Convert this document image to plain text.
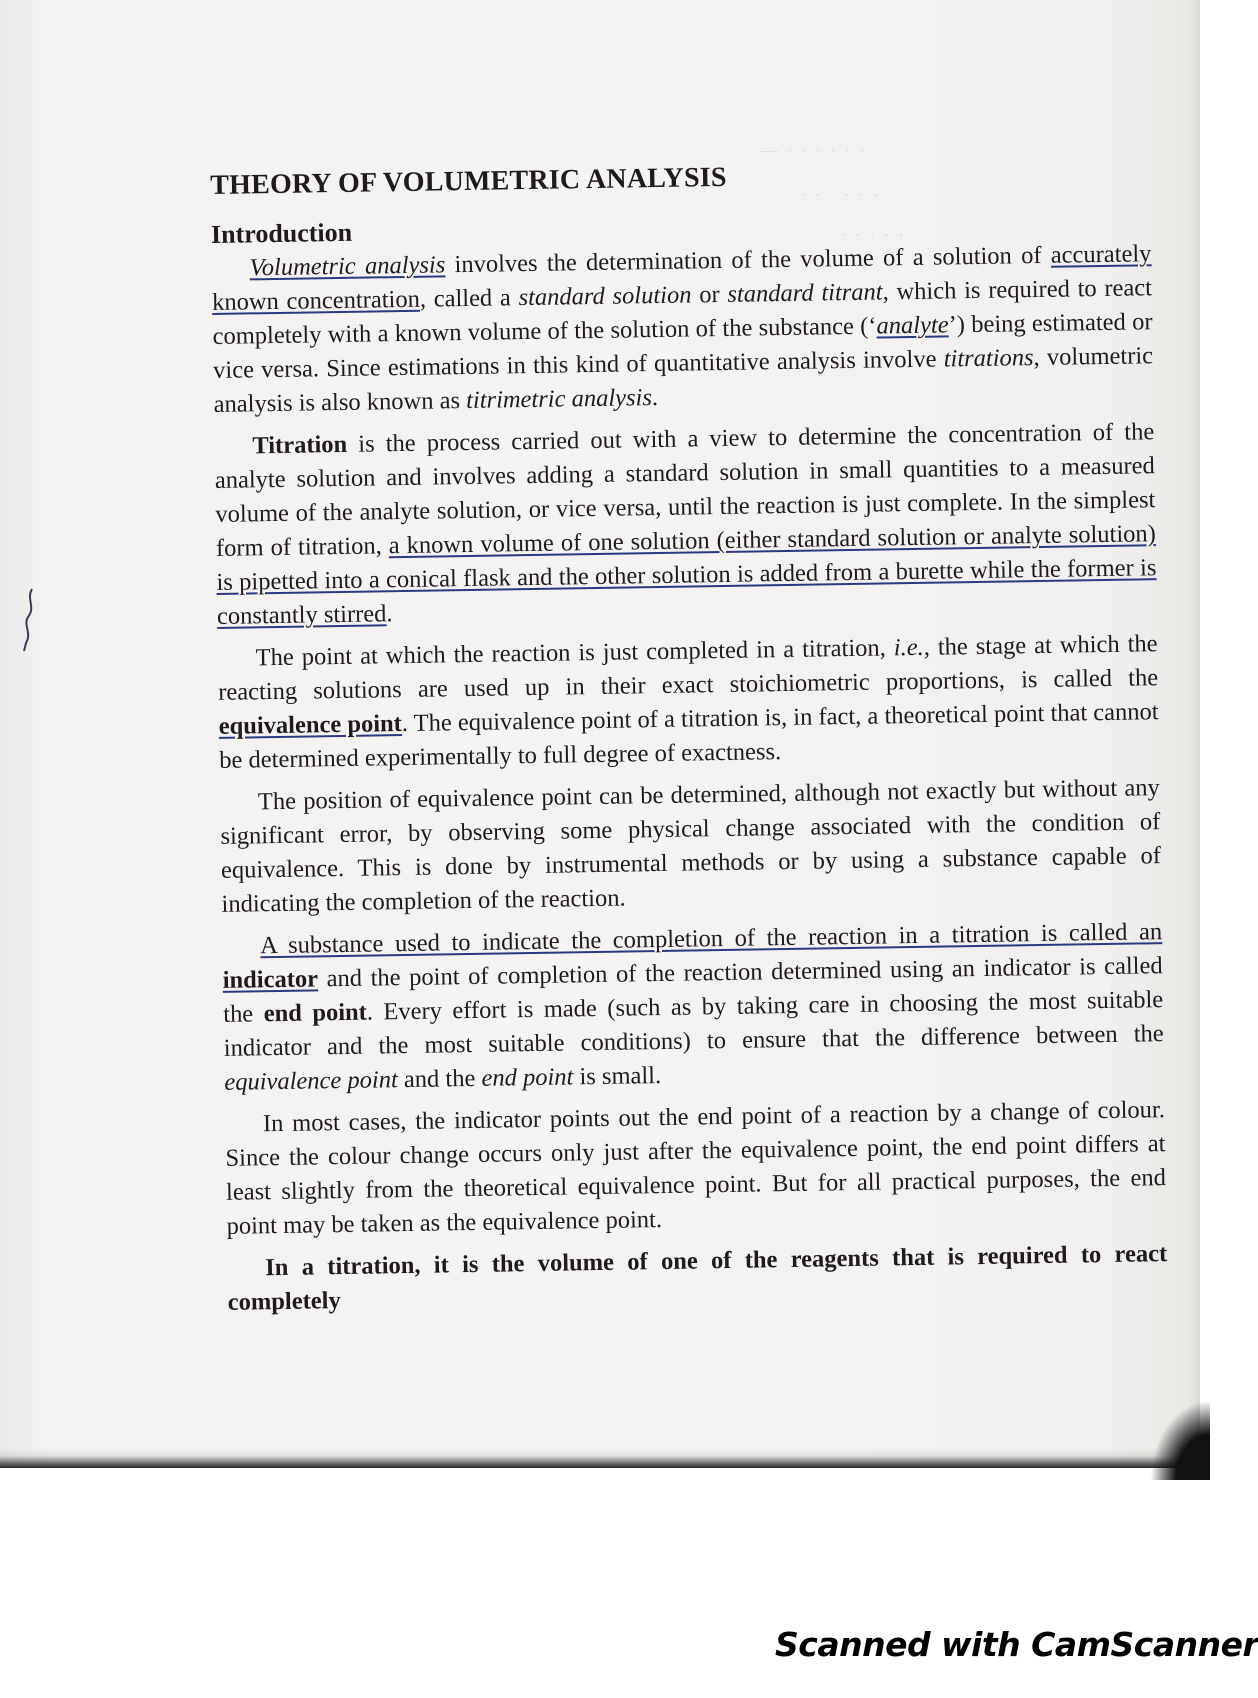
— · · · · · ·
· · · · · ·
· · · · ·
THEORY OF VOLUMETRIC ANALYSIS
Introduction

Volumetric analysis involves the determination of the volume of a solution of accurately known concentration, called a standard solution or standard titrant, which is required to react completely with a known volume of the solution of the substance (‘analyte’) being estimated or vice versa. Since estimations in this kind of quantitative analysis involve titrations, volumetric analysis is also known as titrimetric analysis.

Titration is the process carried out with a view to determine the concentration of the analyte solution and involves adding a standard solution in small quantities to a measured volume of the analyte solution, or vice versa, until the reaction is just complete. In the simplest form of titration, a known volume of one solution (either standard solution or analyte solution) is pipetted into a conical flask and the other solution is added from a burette while the former is constantly stirred.

The point at which the reaction is just completed in a titration, i.e., the stage at which the reacting solutions are used up in their exact stoichiometric proportions, is called the equivalence point. The equivalence point of a titration is, in fact, a theoretical point that cannot be determined experimentally to full degree of exactness.

The position of equivalence point can be determined, although not exactly but without any significant error, by observing some physical change associated with the condition of equivalence. This is done by instrumental methods or by using a substance capable of indicating the completion of the reaction.

A substance used to indicate the completion of the reaction in a titration is called an indicator and the point of completion of the reaction determined using an indicator is called the end point. Every effort is made (such as by taking care in choosing the most suitable indicator and the most suitable conditions) to ensure that the difference between the equivalence point and the end point is small.

In most cases, the indicator points out the end point of a reaction by a change of colour. Since the colour change occurs only just after the equivalence point, the end point differs at least slightly from the theoretical equivalence point. But for all practical purposes, the end point may be taken as the equivalence point.

In a titration, it is the volume of one of the reagents that is required to react completely

Scanned with CamScanner
